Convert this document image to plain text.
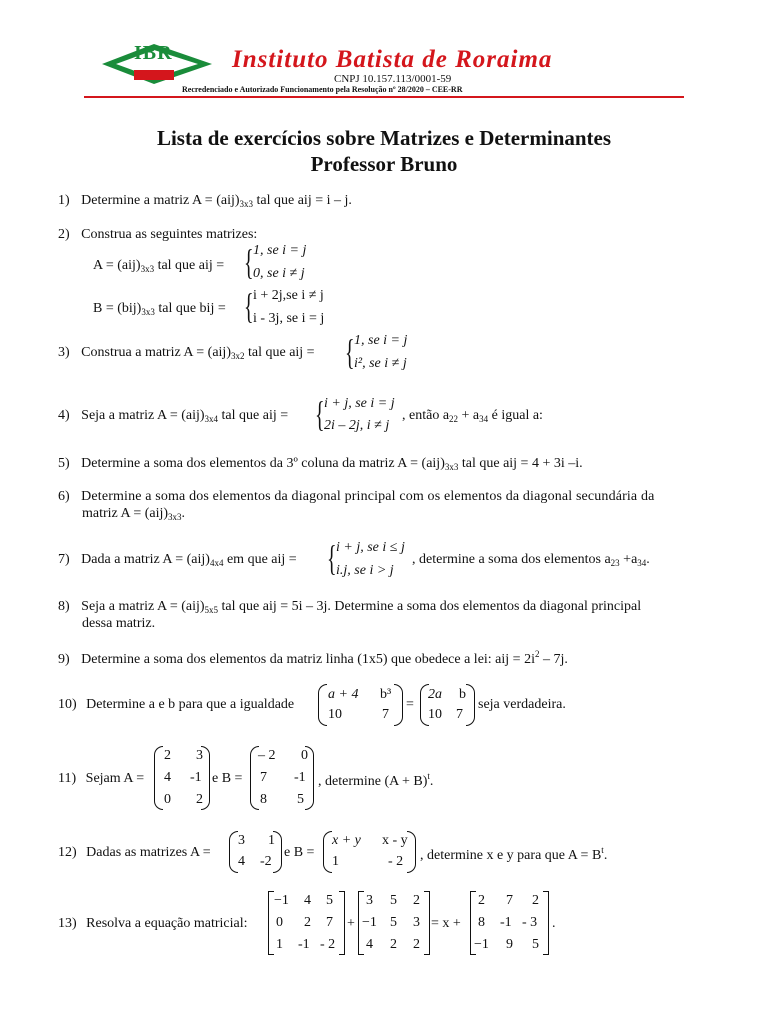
IBR Instituto Batista de Roraima
CNPJ 10.157.113/0001-59
Recredenciado e Autorizado Funcionamento pela Resolução nº 28/2020 – CEE-RR
Lista de exercícios sobre Matrizes e Determinantes
Professor Bruno
1) Determine a matriz $A = (aij)_{3x3}$ tal que aij = i – j.
2) Construa as seguintes matrizes:
$A = (aij)_{3x3}$ tal que aij = { 1, se i = j
0, se i ≠ j
$B = (bij)_{3x3}$ tal que bij = { i + 2j,se i ≠ j
i - 3j, se i = j
3) Construa a matriz $A = (aij)_{3x2}$ tal que aij = { 1, se i = j
i², se i ≠ j
4) Seja a matriz $A = (aij)_{3x4}$ tal que aij = { i + j, se i = j
2i – 2j, i ≠ j
, então $a_{22} + a_{34}$ é igual a:
5) Determine a soma dos elementos da 3º coluna da matriz $A = (aij)_{3x3}$ tal que aij = 4 + 3i –i.
6) Determine a soma dos elementos da diagonal principal com os elementos da diagonal secundária da
matriz $A = (aij)_{3x3}$.
7) Dada a matriz $A = (aij)_{4x4}$ em que aij = { i + j, se i ≤ j
i.j, se i > j
, determine a soma dos elementos $a_{23} +a_{34}$.
8) Seja a matriz $A = (aij)_{5x5}$ tal que aij = 5i – 3j. Determine a soma dos elementos da diagonal principal
dessa matriz.
9) Determine a soma dos elementos da matriz linha (1x5) que obedece a lei: aij = $2i^2 - 7j$.
10) Determine a e b para que a igualdade
a + 4 b³
10	7
=
2a b
10 7
seja verdadeira.
11) Sejam A =
2 3
4 -1
0 2
e B =
– 2 0
7 -1
8 5
, determine $(A + B)^t$.
12) Dadas as matrizes A =
3 1
4 -2
e B =
x + y x - y
1	- 2 , determine x e y para que $A = B^t$.
13) Resolva a equação matricial:
−1 4 5
0 2 7
1 -1 - 2
+
3 5 2
−1 5 3
4 2 2
= x +
2 7 2
8 -1 - 3
−1 9 5
.
